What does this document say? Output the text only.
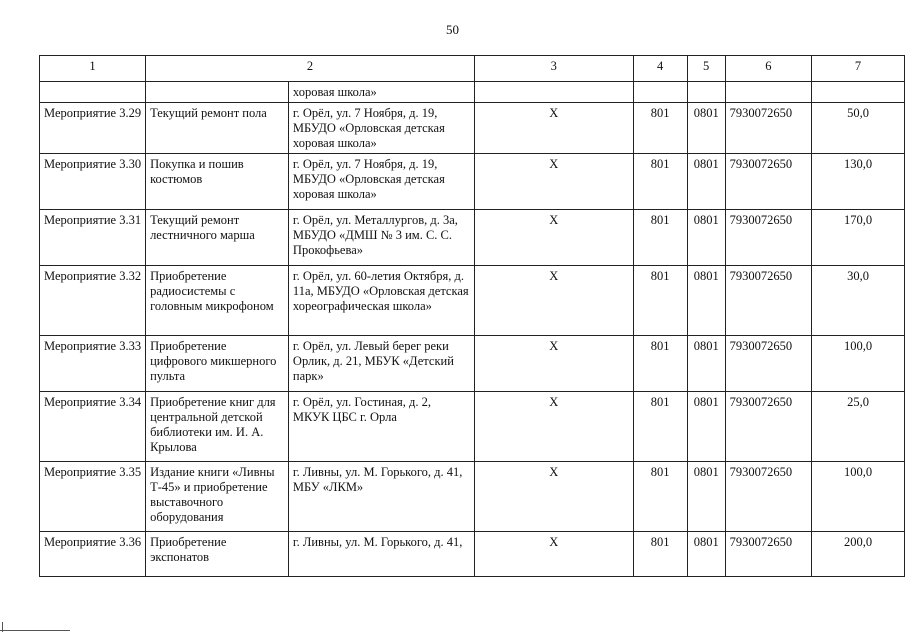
50
1	2		3	4	5	6	7
		хоровая школа»					
Мероприятие 3.29	Текущий ремонт пола	г. Орёл, ул. 7 Ноября, д. 19, МБУДО «Орловская детская хоровая школа»	Х	801	0801	7930072650	50,0
Мероприятие 3.30	Покупка и пошив костюмов	г. Орёл, ул. 7 Ноября, д. 19, МБУДО «Орловская детская хоровая школа»	Х	801	0801	7930072650	130,0
Мероприятие 3.31	Текущий ремонт лестничного марша	г. Орёл, ул. Металлургов, д. 3а, МБУДО «ДМШ № 3 им. С. С. Прокофьева»	Х	801	0801	7930072650	170,0
Мероприятие 3.32	Приобретение радиосистемы с головным микрофоном	г. Орёл, ул. 60-летия Октября, д. 11а, МБУДО «Орловская детская хореографическая школа»	Х	801	0801	7930072650	30,0
Мероприятие 3.33	Приобретение цифрового микшерного пульта	г. Орёл, ул. Левый берег реки Орлик, д. 21, МБУК «Детский парк»	Х	801	0801	7930072650	100,0
Мероприятие 3.34	Приобретение книг для центральной детской библиотеки им. И. А. Крылова	г. Орёл, ул. Гостиная, д. 2, МКУК ЦБС г. Орла	Х	801	0801	7930072650	25,0
Мероприятие 3.35	Издание книги «Ливны Т-45» и приобретение выставочного оборудования	г. Ливны, ул. М. Горького, д. 41, МБУ «ЛКМ»	Х	801	0801	7930072650	100,0
Мероприятие 3.36	Приобретение экспонатов	г. Ливны, ул. М. Горького, д. 41,	Х	801	0801	7930072650	200,0
